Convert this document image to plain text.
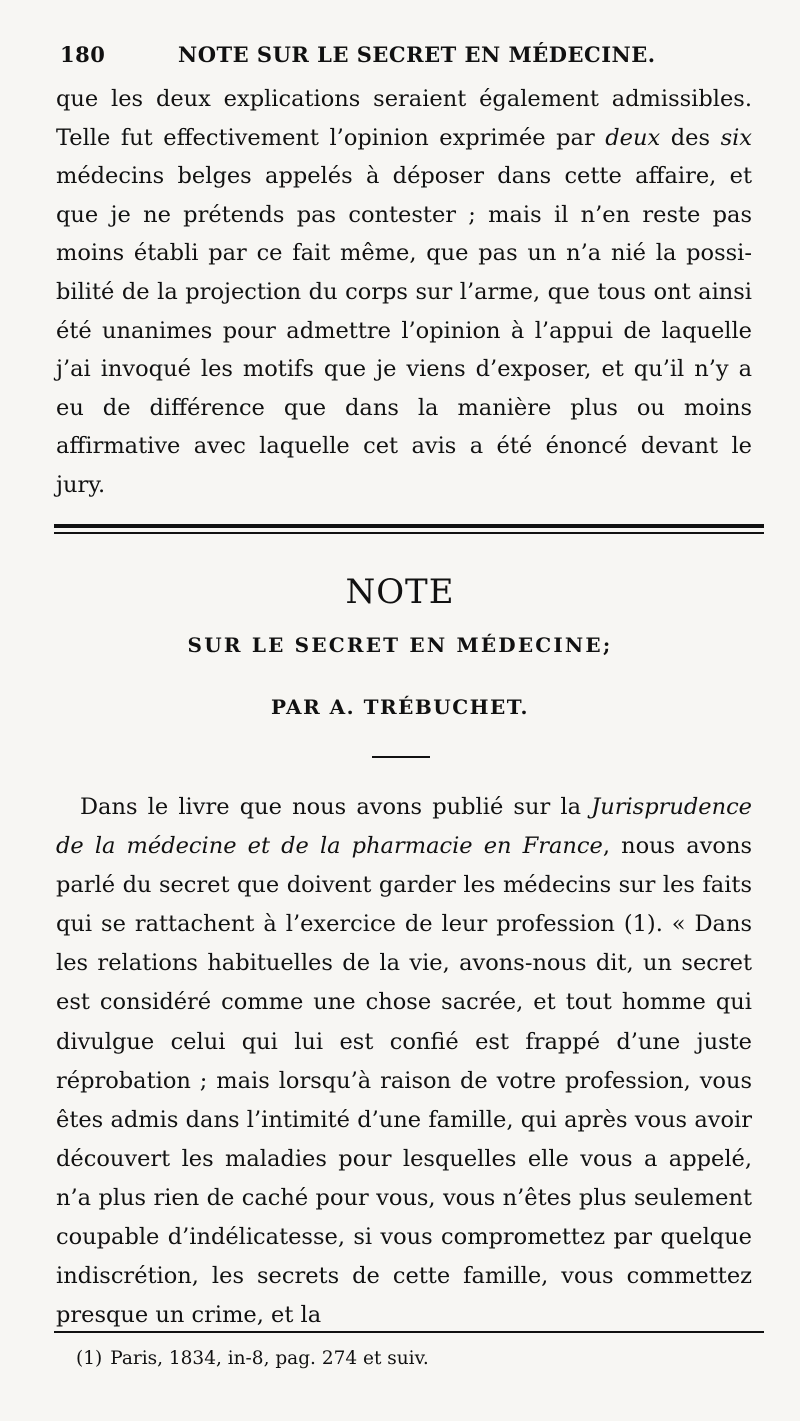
180	NOTE SUR LE SECRET EN MÉDECINE.
que les deux explications seraient également admissibles. Telle fut effectivement l’opinion exprimée par deux des six médecins belges appelés à déposer dans cette affaire, et que je ne prétends pas contester ; mais il n’en reste pas moins établi par ce fait même, que pas un n’a nié la possibilité de la projection du corps sur l’arme, que tous ont ainsi été unanimes pour admettre l’opinion à l’appui de laquelle j’ai invoqué les motifs que je viens d’exposer, et qu’il n’y a eu de différence que dans la manière plus ou moins affirmative avec laquelle cet avis a été énoncé devant le jury.
NOTE
SUR LE SECRET EN MÉDECINE;
PAR A. TRÉBUCHET.
Dans le livre que nous avons publié sur la Jurisprudence de la médecine et de la pharmacie en France, nous avons parlé du secret que doivent garder les médecins sur les faits qui se rattachent à l’exercice de leur profession (1). « Dans les relations habituelles de la vie, avons-nous dit, un secret est considéré comme une chose sacrée, et tout homme qui divulgue celui qui lui est confié est frappé d’une juste réprobation ; mais lorsqu’à raison de votre profession, vous êtes admis dans l’intimité d’une famille, qui après vous avoir découvert les maladies pour lesquelles elle vous a appelé, n’a plus rien de caché pour vous, vous n’êtes plus seulement coupable d’indélicatesse, si vous compromettez par quelque indiscrétion, les secrets de cette famille, vous commettez presque un crime, et la
(1) Paris, 1834, in-8, pag. 274 et suiv.
